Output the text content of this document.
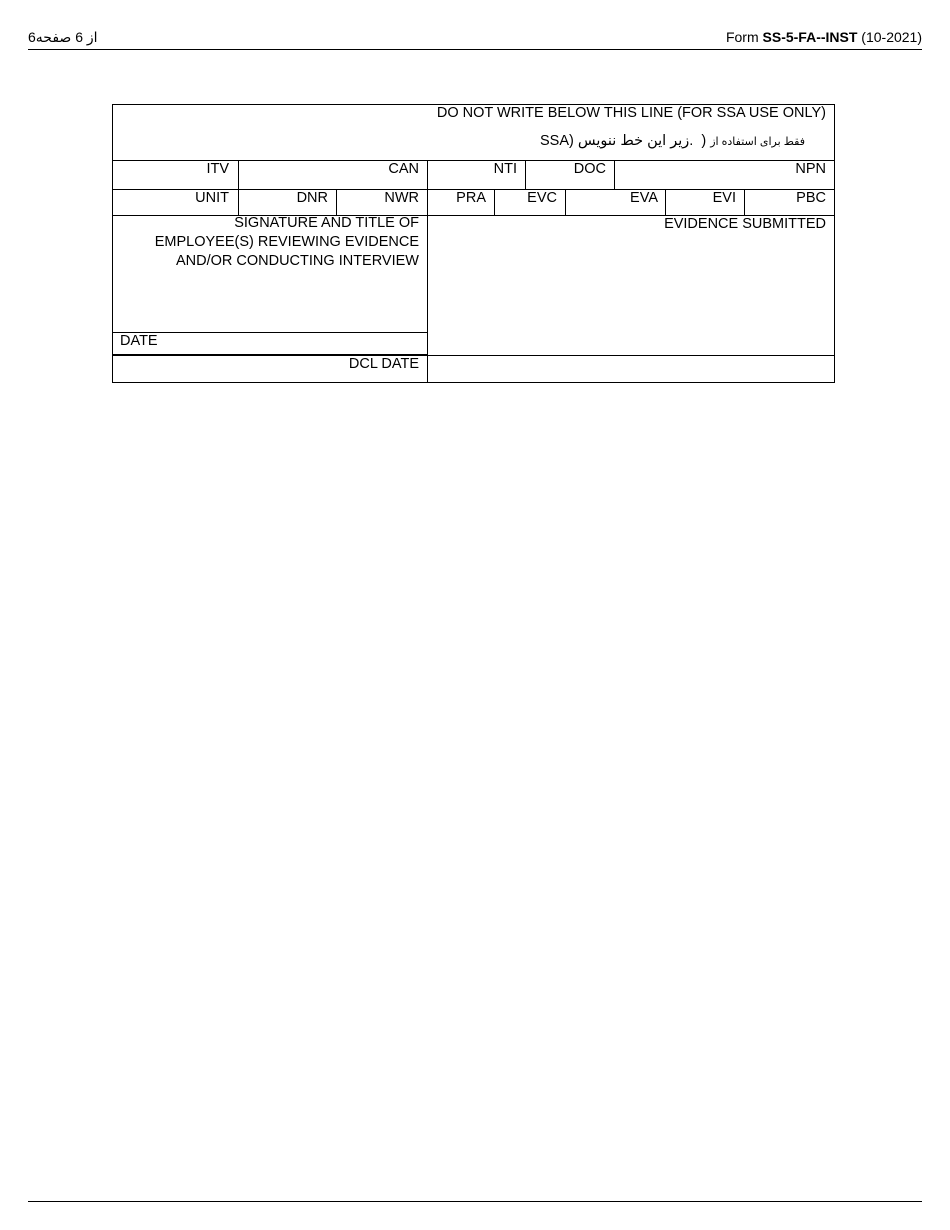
6	از 6 صفحه	Form SS-5-FA--INST (10-2021)
DO NOT WRITE BELOW THIS LINE (FOR SSA USE ONLY)
SSA)	فقط برای استفاده از (  .زیر این خط ننویس
ITV	CAN	NTI	DOC	NPN
UNIT	DNR	NWR	PRA	EVC	EVA	EVI	PBC
SIGNATURE AND TITLE OF
EMPLOYEE(S) REVIEWING EVIDENCE
AND/OR CONDUCTING INTERVIEW
EVIDENCE SUBMITTED
DATE
DCL DATE
